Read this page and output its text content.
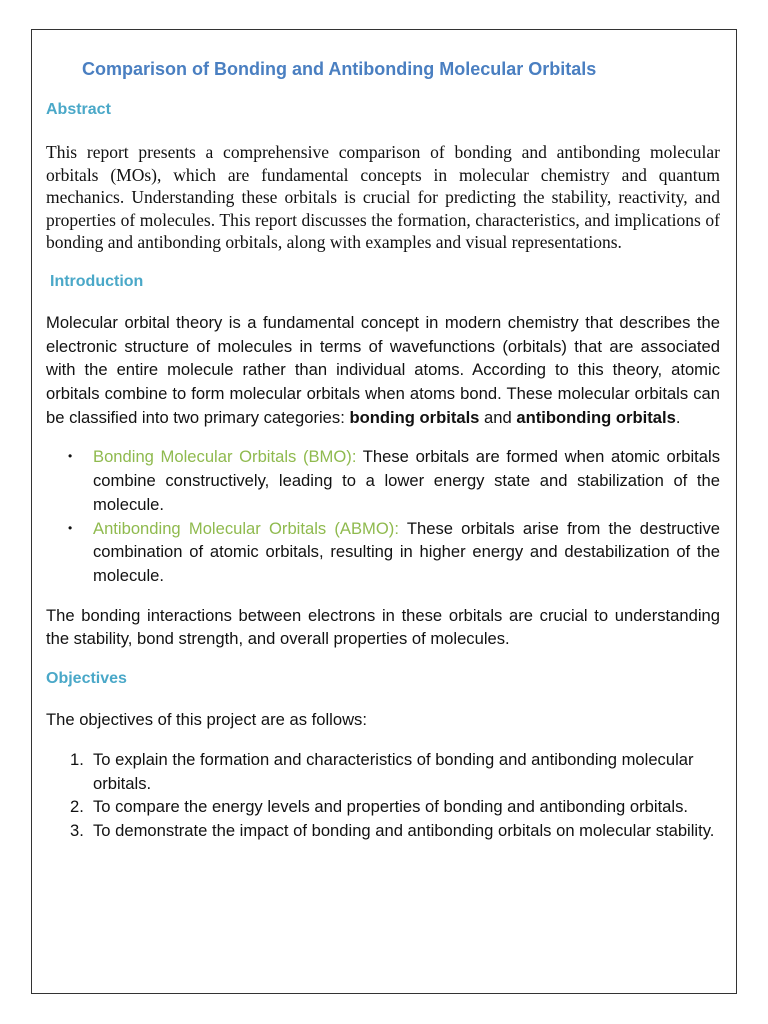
Comparison of Bonding and Antibonding Molecular Orbitals
Abstract

This report presents a comprehensive comparison of bonding and antibonding molecular orbitals (MOs), which are fundamental concepts in molecular chemistry and quantum mechanics. Understanding these orbitals is crucial for predicting the stability, reactivity, and properties of molecules. This report discusses the formation, characteristics, and implications of bonding and antibonding orbitals, along with examples and visual representations.

Introduction

Molecular orbital theory is a fundamental concept in modern chemistry that describes the electronic structure of molecules in terms of wavefunctions (orbitals) that are associated with the entire molecule rather than individual atoms. According to this theory, atomic orbitals combine to form molecular orbitals when atoms bond. These molecular orbitals can be classified into two primary categories: bonding orbitals and antibonding orbitals.

• Bonding Molecular Orbitals (BMO): These orbitals are formed when atomic orbitals combine constructively, leading to a lower energy state and stabilization of the molecule.
• Antibonding Molecular Orbitals (ABMO): These orbitals arise from the destructive combination of atomic orbitals, resulting in higher energy and destabilization of the molecule.

The bonding interactions between electrons in these orbitals are crucial to understanding the stability, bond strength, and overall properties of molecules.

Objectives

The objectives of this project are as follows:

1. To explain the formation and characteristics of bonding and antibonding molecular orbitals.
2. To compare the energy levels and properties of bonding and antibonding orbitals.
3. To demonstrate the impact of bonding and antibonding orbitals on molecular stability.
